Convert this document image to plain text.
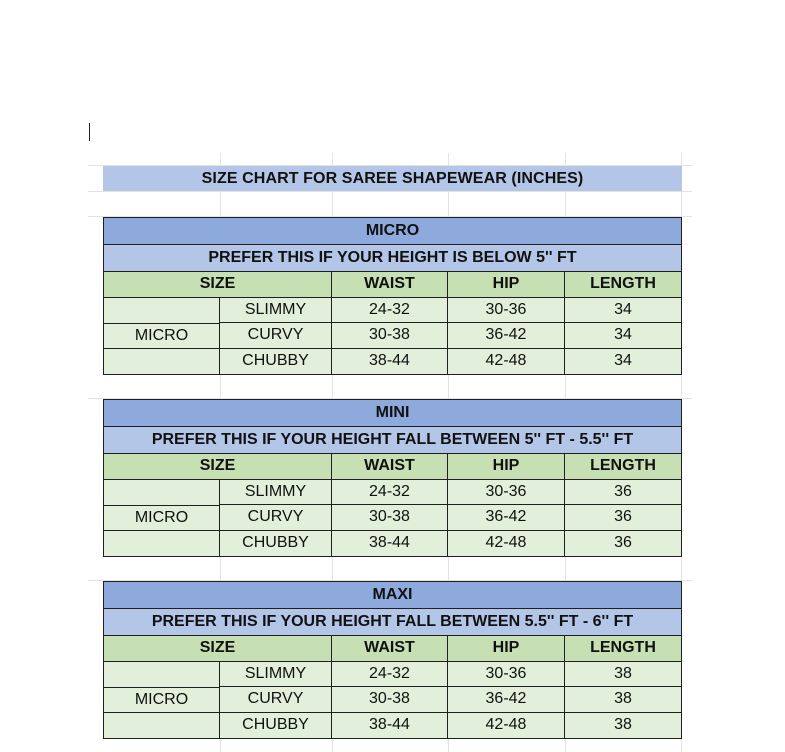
SIZE CHART FOR SAREE SHAPEWEAR (INCHES)
MICRO
PREFER THIS IF YOUR HEIGHT IS BELOW 5'' FT
SIZE	WAIST	HIP	LENGTH
MICRO
SLIMMY	24-32	30-36	34
CURVY	30-38	36-42	34
CHUBBY	38-44	42-48	34
MINI
PREFER THIS IF YOUR HEIGHT FALL BETWEEN 5'' FT - 5.5'' FT
SIZE	WAIST	HIP	LENGTH
MICRO
SLIMMY	24-32	30-36	36
CURVY	30-38	36-42	36
CHUBBY	38-44	42-48	36
MAXI
PREFER THIS IF YOUR HEIGHT FALL BETWEEN 5.5'' FT - 6'' FT
SIZE	WAIST	HIP	LENGTH
MICRO
SLIMMY	24-32	30-36	38
CURVY	30-38	36-42	38
CHUBBY	38-44	42-48	38
